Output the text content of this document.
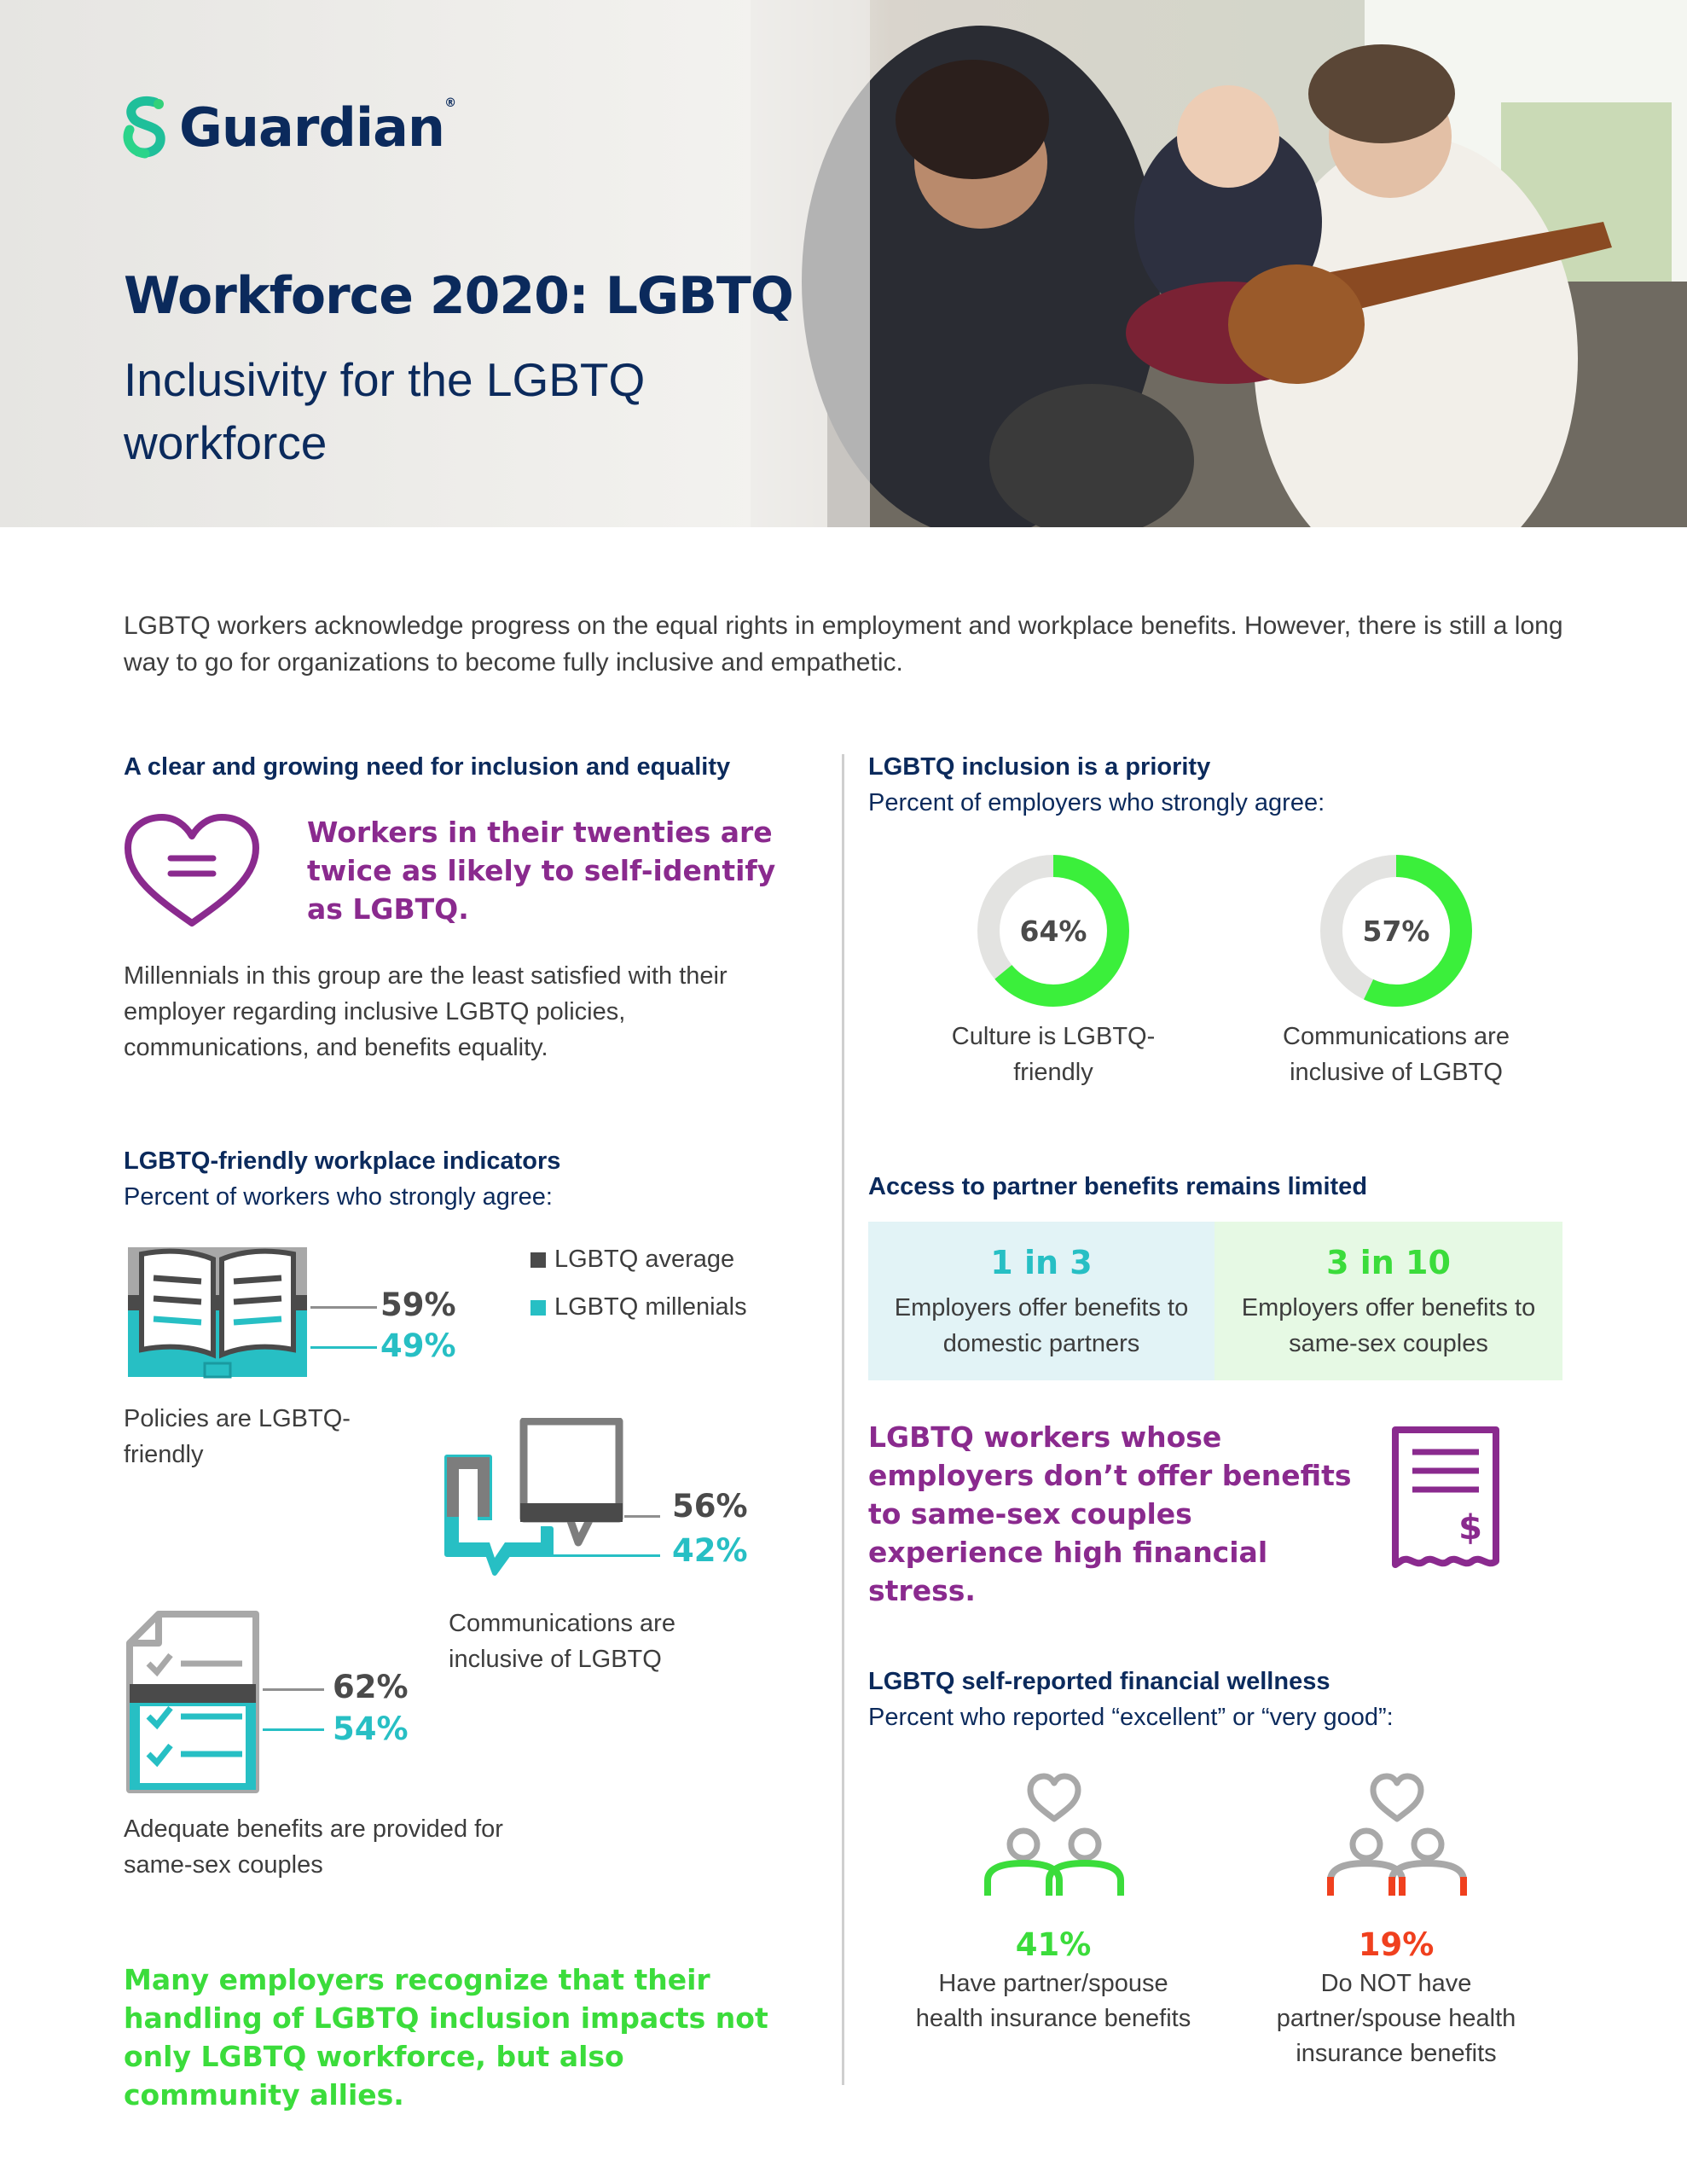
Guardian®
Workforce 2020: LGBTQ
Inclusivity for the LGBTQ workforce
LGBTQ workers acknowledge progress on the equal rights in employment and workplace benefits. However, there is still a long way to go for organizations to become fully inclusive and empathetic.
A clear and growing need for inclusion and equality
Workers in their twenties are twice as likely to self-identify as LGBTQ.
Millennials in this group are the least satisfied with their employer regarding inclusive LGBTQ policies, communications, and benefits equality.
LGBTQ-friendly workplace indicators
Percent of workers who strongly agree:
LGBTQ average
LGBTQ millenials
59%
49%
Policies are LGBTQ-friendly
56%
42%
Communications are inclusive of LGBTQ
62%
54%
Adequate benefits are provided for same-sex couples
Many employers recognize that their handling of LGBTQ inclusion impacts not only LGBTQ workforce, but also community allies.
LGBTQ inclusion is a priority
Percent of employers who strongly agree:
64%
Culture is LGBTQ-friendly
57%
Communications are inclusive of LGBTQ
Access to partner benefits remains limited
1 in 3
Employers offer benefits to domestic partners
3 in 10
Employers offer benefits to same-sex couples
LGBTQ workers whose employers don’t offer benefits to same-sex couples experience high financial stress.
$
LGBTQ self-reported financial wellness
Percent who reported “excellent” or “very good”:
41%
Have partner/spouse health insurance benefits
19%
Do NOT have partner/spouse health insurance benefits
